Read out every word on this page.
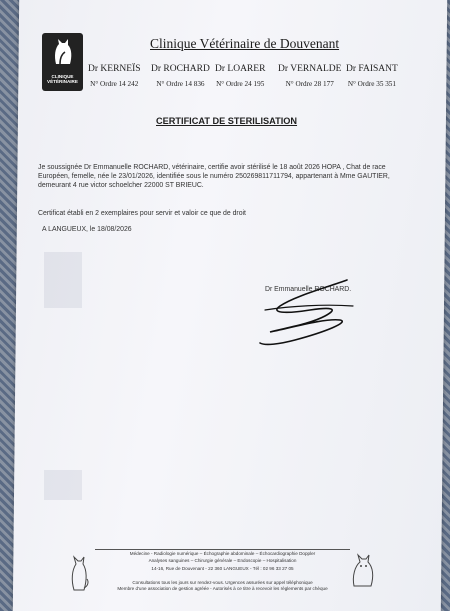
CLINIQUE
VÉTÉRINAIRE
Clinique Vétérinaire de Douvenant
Dr KERNEÏS
N° Ordre 14 242
Dr ROCHARD
N° Ordre 14 836
Dr LOARER
N° Ordre 24 195
Dr VERNALDE
N° Ordre 28 177
Dr FAISANT
N° Ordre 35 351
CERTIFICAT DE STERILISATION
Je soussignée Dr Emmanuelle ROCHARD, vétérinaire, certifie avoir stérilisé le 18 août 2026 HOPA , Chat de race Européen, femelle, née le 23/01/2026, identifiée sous le numéro 250269811711794, appartenant à Mme GAUTIER, demeurant 4 rue victor schoelcher 22000 ST BRIEUC.
Certificat établi en 2 exemplaires pour servir et valoir ce que de droit
A LANGUEUX, le 18/08/2026
Dr Emmanuelle ROCHARD.
Médecine - Radiologie numérique – Échographie abdominale – Échocardiographie Doppler
Analyses sanguines – Chirurgie générale – Endoscopie – Hospitalisation
14-16, Rue de Douvenant - 22 360 LANGUEUX - Tél : 02 96 33 27 05
Consultations tous les jours sur rendez-vous. Urgences assurées sur appel téléphonique
Membre d'une association de gestion agréée - Autorisés à ce titre à recevoir les règlements par chèque
